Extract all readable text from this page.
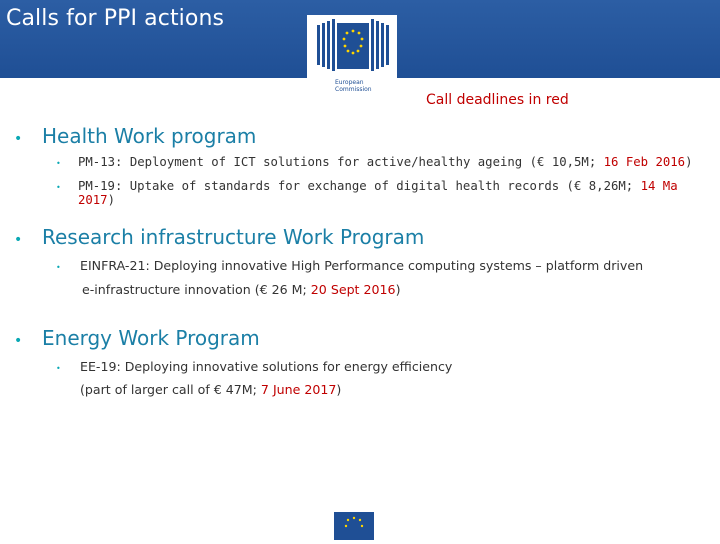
Calls for PPI actions
European
Commission
Call deadlines in red
• Health Work program
•	PM-13: Deployment of ICT solutions for active/healthy ageing (€ 10,5M; 16 Feb 2016)
•	PM-19: Uptake of standards for exchange of digital health records (€ 8,26M; 14 Ma 2017)
• Research infrastructure Work Program
•	EINFRA-21: Deploying innovative High Performance computing systems – platform driven
e-infrastructure innovation (€ 26 M; 20 Sept 2016)
• Energy Work Program
•	EE-19: Deploying innovative solutions for energy efficiency
(part of larger call of € 47M; 7 June 2017)
